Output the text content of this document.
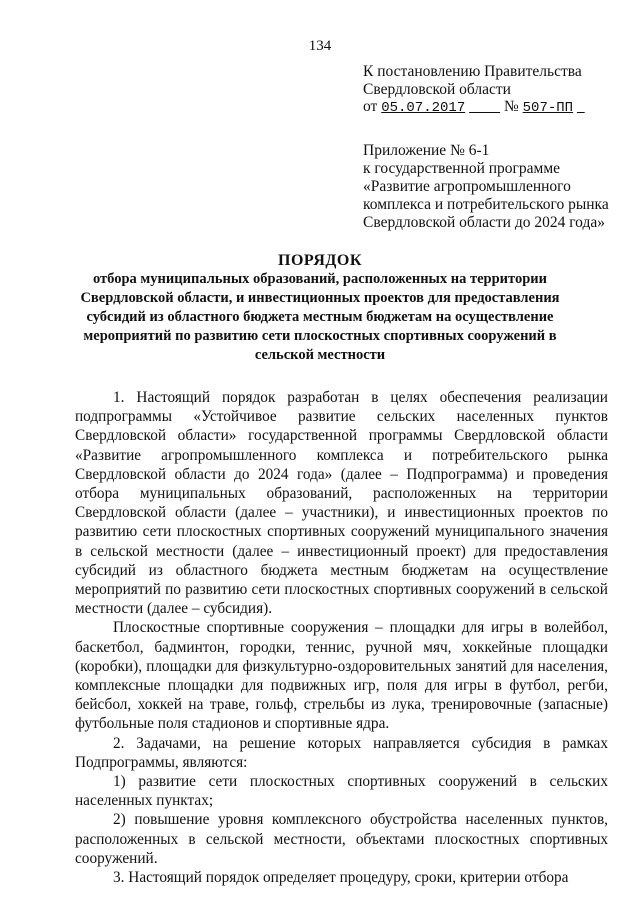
134
К постановлению Правительства
Свердловской области
от 05.07.2017	№ 507-ПП
Приложение № 6-1
к государственной программе
«Развитие агропромышленного
комплекса и потребительского рынка
Свердловской области до 2024 года»
ПОРЯДОК
отбора муниципальных образований, расположенных на территории Свердловской области, и инвестиционных проектов для предоставления субсидий из областного бюджета местным бюджетам на осуществление мероприятий по развитию сети плоскостных спортивных сооружений в сельской местности

1. Настоящий порядок разработан в целях обеспечения реализации подпрограммы «Устойчивое развитие сельских населенных пунктов Свердловской области» государственной программы Свердловской области «Развитие агропромышленного комплекса и потребительского рынка Свердловской области до 2024 года» (далее – Подпрограмма) и проведения отбора муниципальных образований, расположенных на территории Свердловской области (далее – участники), и инвестиционных проектов по развитию сети плоскостных спортивных сооружений муниципального значения в сельской местности (далее – инвестиционный проект) для предоставления субсидий из областного бюджета местным бюджетам на осуществление мероприятий по развитию сети плоскостных спортивных сооружений в сельской местности (далее – субсидия).

Плоскостные спортивные сооружения – площадки для игры в волейбол, баскетбол, бадминтон, городки, теннис, ручной мяч, хоккейные площадки (коробки), площадки для физкультурно-оздоровительных занятий для населения, комплексные площадки для подвижных игр, поля для игры в футбол, регби, бейсбол, хоккей на траве, гольф, стрельбы из лука, тренировочные (запасные) футбольные поля стадионов и спортивные ядра.

2. Задачами, на решение которых направляется субсидия в рамках Подпрограммы, являются:

1) развитие сети плоскостных спортивных сооружений в сельских населенных пунктах;

2) повышение уровня комплексного обустройства населенных пунктов, расположенных в сельской местности, объектами плоскостных спортивных сооружений.

3. Настоящий порядок определяет процедуру, сроки, критерии отбора
